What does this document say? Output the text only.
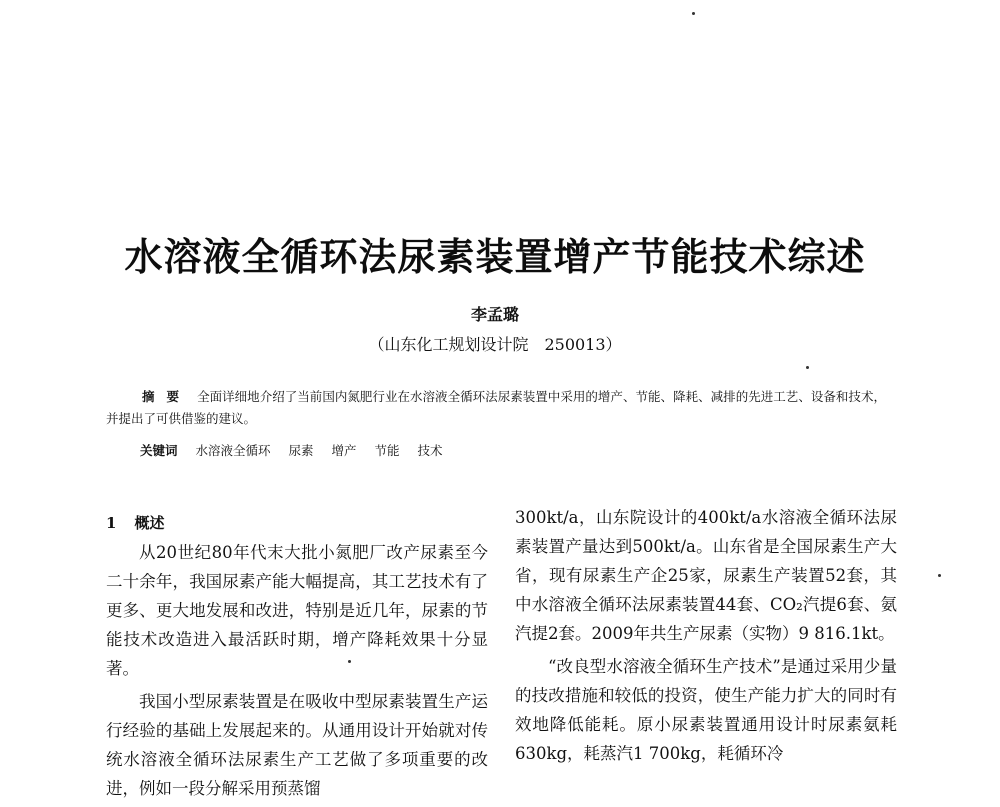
水溶液全循环法尿素装置增产节能技术综述
李孟璐
（山东化工规划设计院　250013）
摘要 全面详细地介绍了当前国内氮肥行业在水溶液全循环法尿素装置中采用的增产、节能、降耗、减排的先进工艺、设备和技术，并提出了可供借鉴的建议。
关键词 水溶液全循环 尿素 增产 节能 技术
1 概述

从20世纪80年代末大批小氮肥厂改产尿素至今二十余年，我国尿素产能大幅提高，其工艺技术有了更多、更大地发展和改进，特别是近几年，尿素的节能技术改造进入最活跃时期，增产降耗效果十分显著。

我国小型尿素装置是在吸收中型尿素装置生产运行经验的基础上发展起来的。从通用设计开始就对传统水溶液全循环法尿素生产工艺做了多项重要的改进，例如一段分解采用预蒸馏

300kt/a，山东院设计的400kt/a水溶液全循环法尿素装置产量达到500kt/a。山东省是全国尿素生产大省，现有尿素生产企25家，尿素生产装置52套，其中水溶液全循环法尿素装置44套、CO₂汽提6套、氨汽提2套。2009年共生产尿素（实物）9 816.1kt。

“改良型水溶液全循环生产技术”是通过采用少量的技改措施和较低的投资，使生产能力扩大的同时有效地降低能耗。原小尿素装置通用设计时尿素氨耗630kg，耗蒸汽1 700kg，耗循环冷
